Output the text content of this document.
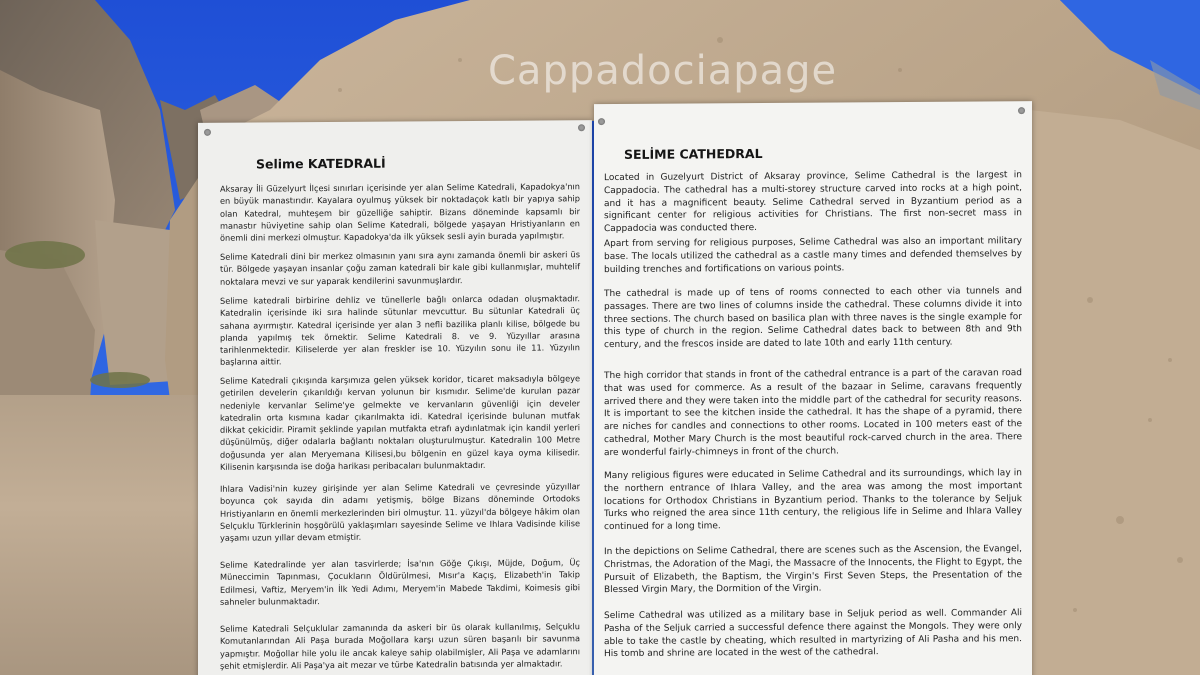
Cappadociapage
Selime KATEDRALİ

Aksaray İli Güzelyurt İlçesi sınırları içerisinde yer alan Selime Katedrali, Kapadokya'nın en büyük manastırıdır. Kayalara oyulmuş yüksek bir noktadaçok katlı bir yapıya sahip olan Katedral, muhteşem bir güzelliğe sahiptir. Bizans döneminde kapsamlı bir manastır hüviyetine sahip olan Selime Katedrali, bölgede yaşayan Hristiyanların en önemli dini merkezi olmuştur. Kapadokya'da ilk yüksek sesli ayin burada yapılmıştır.

Selime Katedrali dini bir merkez olmasının yanı sıra aynı zamanda önemli bir askeri üs tür. Bölgede yaşayan insanlar çoğu zaman katedrali bir kale gibi kullanmışlar, muhtelif noktalara mevzi ve sur yaparak kendilerini savunmuşlardır.

Selime katedrali birbirine dehliz ve tünellerle bağlı onlarca odadan oluşmaktadır. Katedralin içerisinde iki sıra halinde sütunlar mevcuttur. Bu sütunlar Katedrali üç sahana ayırmıştır. Katedral içerisinde yer alan 3 nefli bazilika planlı kilise, bölgede bu planda yapılmış tek örnektir. Selime Katedrali 8. ve 9. Yüzyıllar arasına tarihlenmektedir. Kiliselerde yer alan freskler ise 10. Yüzyılın sonu ile 11. Yüzyılın başlarına aittir.

Selime Katedrali çıkışında karşımıza gelen yüksek koridor, ticaret maksadıyla bölgeye getirilen develerin çıkarıldığı kervan yolunun bir kısmıdır. Selime'de kurulan pazar nedeniyle kervanlar Selime'ye gelmekte ve kervanların güvenliği için develer katedralin orta kısmına kadar çıkarılmakta idi. Katedral içerisinde bulunan mutfak dikkat çekicidir. Piramit şeklinde yapılan mutfakta etrafı aydınlatmak için kandil yerleri düşünülmüş, diğer odalarla bağlantı noktaları oluşturulmuştur. Katedralin 100 Metre doğusunda yer alan Meryemana Kilisesi,bu bölgenin en güzel kaya oyma kilisedir. Kilisenin karşısında ise doğa harikası peribacaları bulunmaktadır.

Ihlara Vadisi'nin kuzey girişinde yer alan Selime Katedrali ve çevresinde yüzyıllar boyunca çok sayıda din adamı yetişmiş, bölge Bizans döneminde Ortodoks Hristiyanların en önemli merkezlerinden biri olmuştur. 11. yüzyıl'da bölgeye hâkim olan Selçuklu Türklerinin hoşgörülü yaklaşımları sayesinde Selime ve Ihlara Vadisinde kilise yaşamı uzun yıllar devam etmiştir.

Selime Katedralinde yer alan tasvirlerde; İsa'nın Göğe Çıkışı, Müjde, Doğum, Üç Müneccimin Tapınması, Çocukların Öldürülmesi, Mısır'a Kaçış, Elizabeth'in Takip Edilmesi, Vaftiz, Meryem'in İlk Yedi Adımı, Meryem'in Mabede Takdimi, Koimesis gibi sahneler bulunmaktadır.

Selime Katedrali Selçuklular zamanında da askeri bir üs olarak kullanılmış, Selçuklu Komutanlarından Ali Paşa burada Moğollara karşı uzun süren başarılı bir savunma yapmıştır. Moğollar hile yolu ile ancak kaleye sahip olabilmişler, Ali Paşa ve adamlarını şehit etmişlerdir. Ali Paşa'ya ait mezar ve türbe Katedralin batısında yer almaktadır.

SELİME CATHEDRAL

Located in Guzelyurt District of Aksaray province, Selime Cathedral is the largest in Cappadocia. The cathedral has a multi-storey structure carved into rocks at a high point, and it has a magnificent beauty. Selime Cathedral served in Byzantium period as a significant center for religious activities for Christians. The first non-secret mass in Cappadocia was conducted there.

Apart from serving for religious purposes, Selime Cathedral was also an important military base. The locals utilized the cathedral as a castle many times and defended themselves by building trenches and fortifications on various points.

The cathedral is made up of tens of rooms connected to each other via tunnels and passages. There are two lines of columns inside the cathedral. These columns divide it into three sections. The church based on basilica plan with three naves is the single example for this type of church in the region. Selime Cathedral dates back to between 8th and 9th century, and the frescos inside are dated to late 10th and early 11th century.

The high corridor that stands in front of the cathedral entrance is a part of the caravan road that was used for commerce. As a result of the bazaar in Selime, caravans frequently arrived there and they were taken into the middle part of the cathedral for security reasons. It is important to see the kitchen inside the cathedral. It has the shape of a pyramid, there are niches for candles and connections to other rooms. Located in 100 meters east of the cathedral, Mother Mary Church is the most beautiful rock-carved church in the area. There are wonderful fairly-chimneys in front of the church.

Many religious figures were educated in Selime Cathedral and its surroundings, which lay in the northern entrance of Ihlara Valley, and the area was among the most important locations for Orthodox Christians in Byzantium period. Thanks to the tolerance by Seljuk Turks who reigned the area since 11th century, the religious life in Selime and Ihlara Valley continued for a long time.

In the depictions on Selime Cathedral, there are scenes such as the Ascension, the Evangel, Christmas, the Adoration of the Magi, the Massacre of the Innocents, the Flight to Egypt, the Pursuit of Elizabeth, the Baptism, the Virgin's First Seven Steps, the Presentation of the Blessed Virgin Mary, the Dormition of the Virgin.

Selime Cathedral was utilized as a military base in Seljuk period as well. Commander Ali Pasha of the Seljuk carried a successful defence there against the Mongols. They were only able to take the castle by cheating, which resulted in martyrizing of Ali Pasha and his men. His tomb and shrine are located in the west of the cathedral.
